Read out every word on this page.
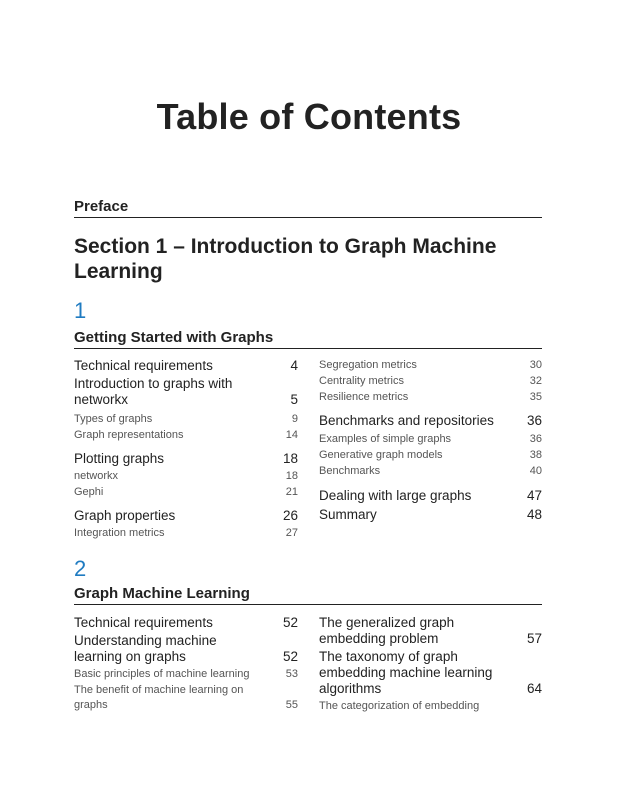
Table of Contents
Preface
Section 1 – Introduction to Graph Machine Learning
1
Getting Started with Graphs
Technical requirements	4
Introduction to graphs with networkx	5
Types of graphs	9
Graph representations	14
Plotting graphs	18
networkx	18
Gephi	21
Graph properties	26
Integration metrics	27
Segregation metrics	30
Centrality metrics	32
Resilience metrics	35
Benchmarks and repositories	36
Examples of simple graphs	36
Generative graph models	38
Benchmarks	40
Dealing with large graphs	47
Summary	48
2
Graph Machine Learning
Technical requirements	52
Understanding machine learning on graphs	52
Basic principles of machine learning	53
The benefit of machine learning on graphs	55
The generalized graph embedding problem	57
The taxonomy of graph embedding machine learning algorithms	64
The categorization of embedding
